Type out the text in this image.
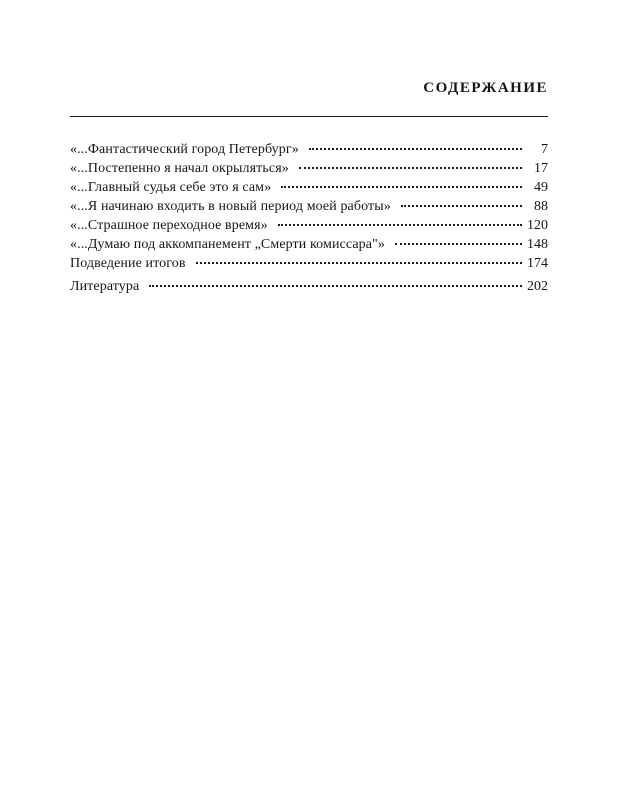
СОДЕРЖАНИЕ
«...Фантастический город Петербург»	7
«...Постепенно я начал окрыляться»	17
«...Главный судья себе это я сам»	49
«...Я начинаю входить в новый период моей работы»	88
«...Страшное переходное время»	120
«...Думаю под аккомпанемент „Смерти комиссара"»	148
Подведение итогов	174
Литература	202
